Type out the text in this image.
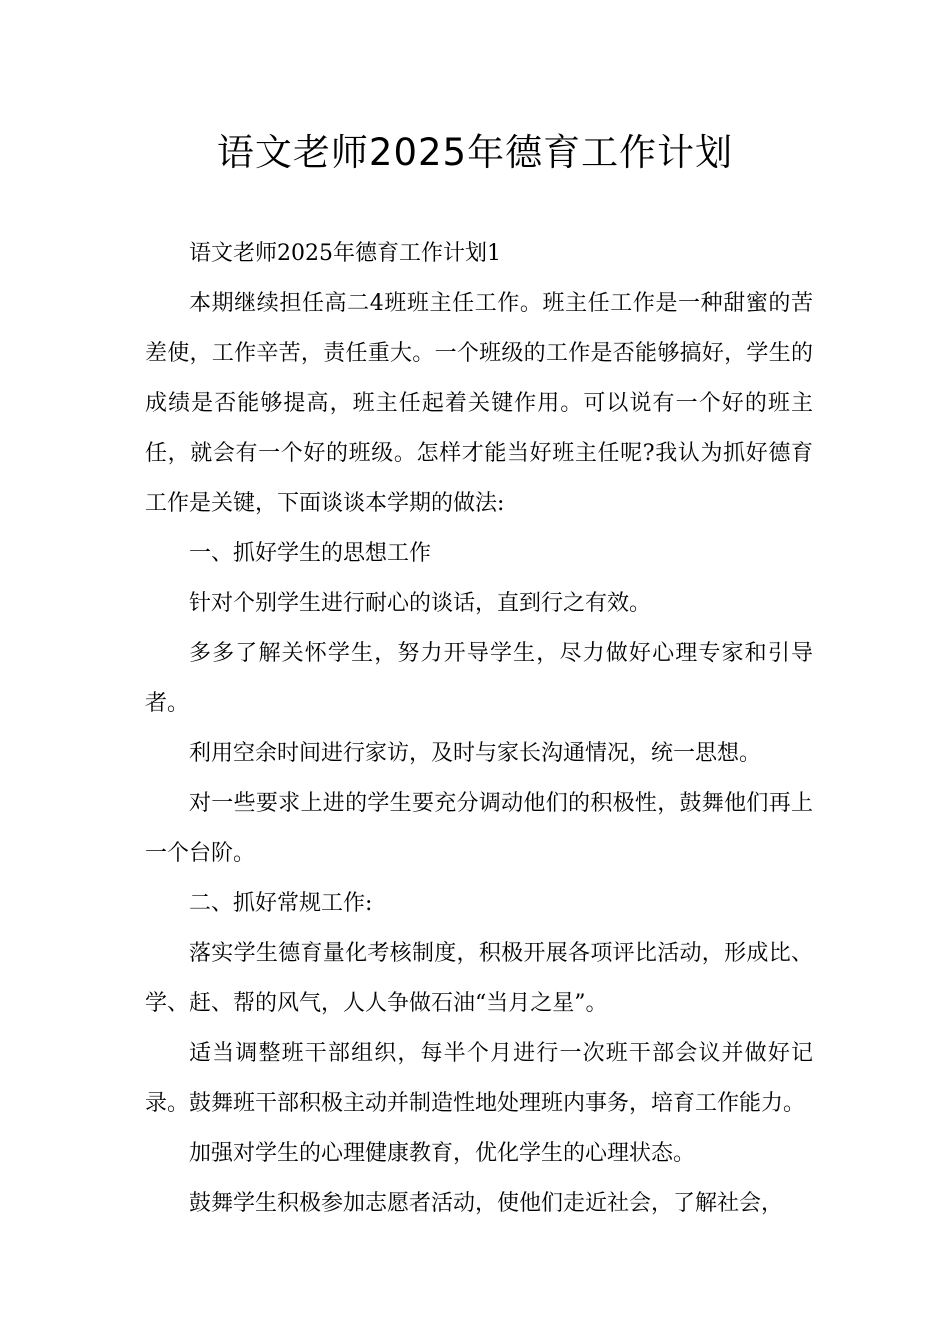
语文老师2025年德育工作计划

语文老师2025年德育工作计划1

本期继续担任高二4班班主任工作。班主任工作是一种甜蜜的苦差使，工作辛苦，责任重大。一个班级的工作是否能够搞好，学生的成绩是否能够提高，班主任起着关键作用。可以说有一个好的班主任，就会有一个好的班级。怎样才能当好班主任呢?我认为抓好德育工作是关键，下面谈谈本学期的做法:

一、抓好学生的思想工作

针对个别学生进行耐心的谈话，直到行之有效。

多多了解关怀学生，努力开导学生，尽力做好心理专家和引导者。

利用空余时间进行家访，及时与家长沟通情况，统一思想。

对一些要求上进的学生要充分调动他们的积极性，鼓舞他们再上一个台阶。

二、抓好常规工作:

落实学生德育量化考核制度，积极开展各项评比活动，形成比、学、赶、帮的风气，人人争做石油“当月之星”。

适当调整班干部组织，每半个月进行一次班干部会议并做好记录。鼓舞班干部积极主动并制造性地处理班内事务，培育工作能力。

加强对学生的心理健康教育，优化学生的心理状态。

鼓舞学生积极参加志愿者活动，使他们走近社会，了解社会，
